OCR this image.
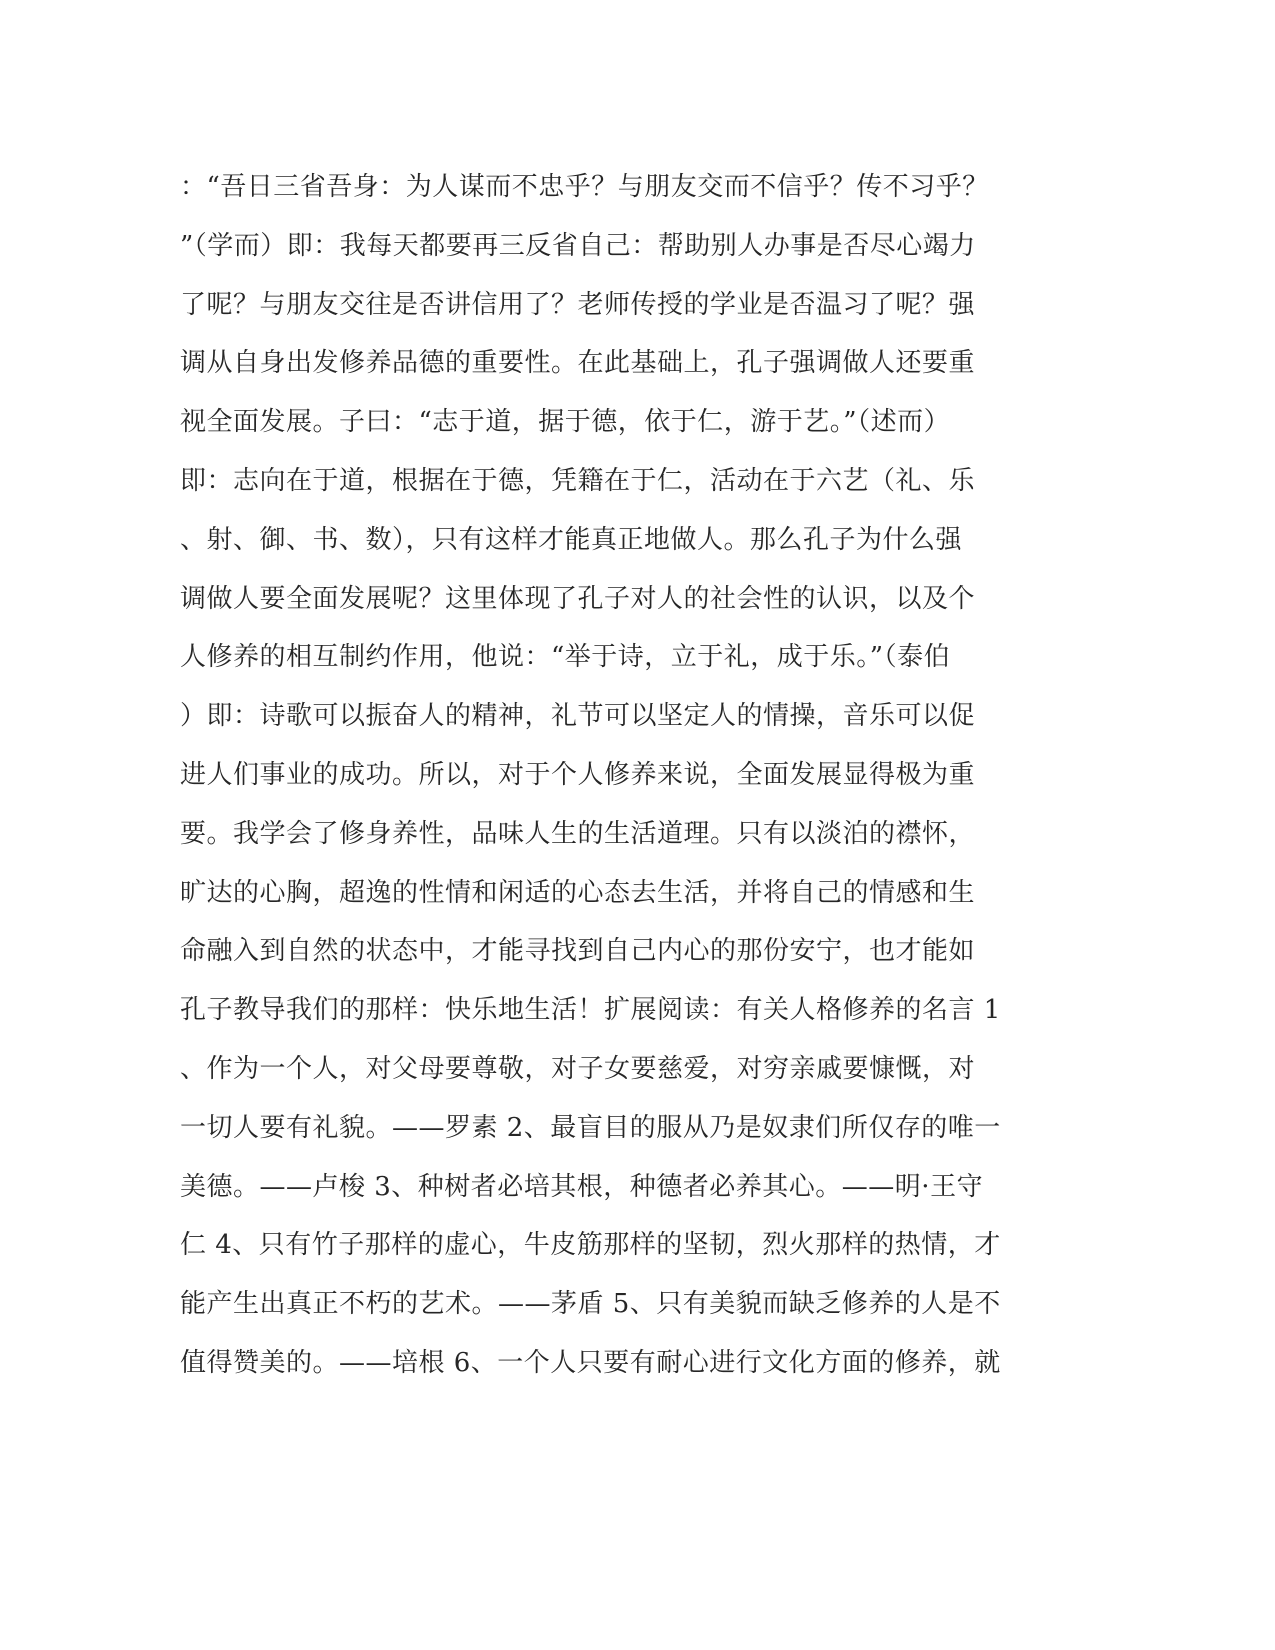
：“吾日三省吾身：为人谋而不忠乎？与朋友交而不信乎？传不习乎？
”（学而）即：我每天都要再三反省自己：帮助别人办事是否尽心竭力
了呢？与朋友交往是否讲信用了？老师传授的学业是否温习了呢？强
调从自身出发修养品德的重要性。在此基础上，孔子强调做人还要重
视全面发展。子曰：“志于道，据于德，依于仁，游于艺。”（述而）
即：志向在于道，根据在于德，凭籍在于仁，活动在于六艺（礼、乐
、射、御、书、数），只有这样才能真正地做人。那么孔子为什么强
调做人要全面发展呢？这里体现了孔子对人的社会性的认识，以及个
人修养的相互制约作用，他说：“举于诗，立于礼，成于乐。”（泰伯
）即：诗歌可以振奋人的精神，礼节可以坚定人的情操，音乐可以促
进人们事业的成功。所以，对于个人修养来说，全面发展显得极为重
要。我学会了修身养性，品味人生的生活道理。只有以淡泊的襟怀，
旷达的心胸，超逸的性情和闲适的心态去生活，并将自己的情感和生
命融入到自然的状态中，才能寻找到自己内心的那份安宁，也才能如
孔子教导我们的那样：快乐地生活！扩展阅读：有关人格修养的名言 1
、作为一个人，对父母要尊敬，对子女要慈爱，对穷亲戚要慷慨，对
一切人要有礼貌。——罗素 2、最盲目的服从乃是奴隶们所仅存的唯一
美德。——卢梭 3、种树者必培其根，种德者必养其心。——明·王守
仁 4、只有竹子那样的虚心，牛皮筋那样的坚韧，烈火那样的热情，才
能产生出真正不朽的艺术。——茅盾 5、只有美貌而缺乏修养的人是不
值得赞美的。——培根 6、一个人只要有耐心进行文化方面的修养，就
